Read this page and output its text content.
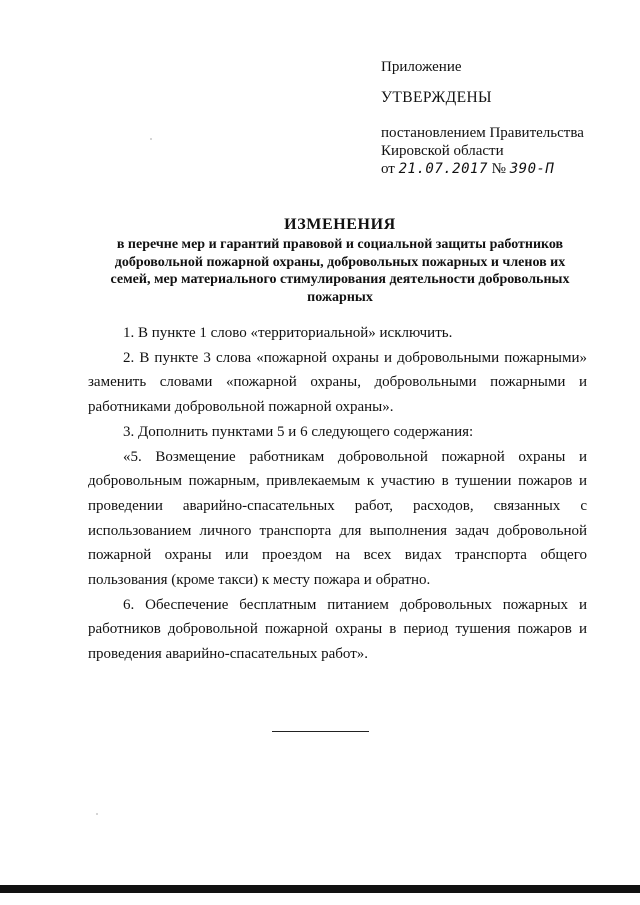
Приложение
УТВЕРЖДЕНЫ
постановлением Правительства
Кировской области
от 21.07.2017 № 390-П
ИЗМЕНЕНИЯ
в перечне мер и гарантий правовой и социальной защиты работников
добровольной пожарной охраны, добровольных пожарных и членов их
семей, мер материального стимулирования деятельности добровольных
пожарных
1. В пункте 1 слово «территориальной» исключить.
2. В пункте 3 слова «пожарной охраны и добровольными пожарными» заменить словами «пожарной охраны, добровольными пожарными и работниками добровольной пожарной охраны».
3. Дополнить пунктами 5 и 6 следующего содержания:
«5. Возмещение работникам добровольной пожарной охраны и добровольным пожарным, привлекаемым к участию в тушении пожаров и проведении аварийно-спасательных работ, расходов, связанных с использованием личного транспорта для выполнения задач добровольной пожарной охраны или проездом на всех видах транспорта общего пользования (кроме такси) к месту пожара и обратно.
6. Обеспечение бесплатным питанием добровольных пожарных и работников добровольной пожарной охраны в период тушения пожаров и проведения аварийно-спасательных работ».
